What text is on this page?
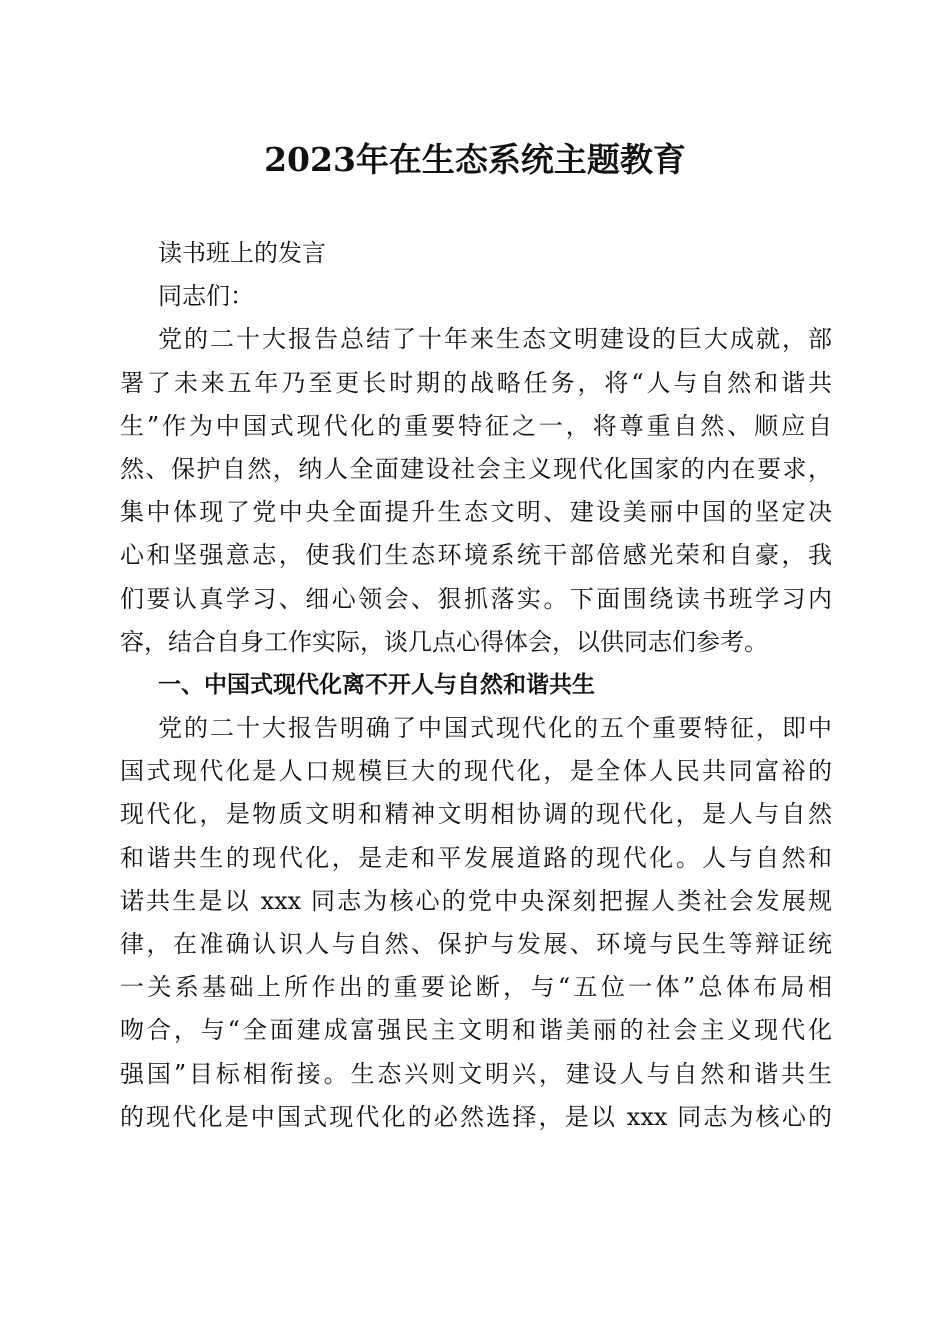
2023年在生态系统主题教育
读书班上的发言
同志们：
党的二十大报告总结了十年来生态文明建设的巨大成就，部
署了未来五年乃至更长时期的战略任务，将“人与自然和谐共
生”作为中国式现代化的重要特征之一，将尊重自然、顺应自
然、保护自然，纳人全面建设社会主义现代化国家的内在要求，
集中体现了党中央全面提升生态文明、建设美丽中国的坚定决
心和坚强意志，使我们生态环境系统干部倍感光荣和自豪，我
们要认真学习、细心领会、狠抓落实。下面围绕读书班学习内
容，结合自身工作实际，谈几点心得体会，以供同志们参考。
一、中国式现代化离不开人与自然和谐共生
党的二十大报告明确了中国式现代化的五个重要特征，即中
国式现代化是人口规模巨大的现代化，是全体人民共同富裕的
现代化，是物质文明和精神文明相协调的现代化，是人与自然
和谐共生的现代化，是走和平发展道路的现代化。人与自然和
诺共生是以 xxx 同志为核心的党中央深刻把握人类社会发展规
律，在准确认识人与自然、保护与发展、环境与民生等辩证统
一关系基础上所作出的重要论断，与“五位一体”总体布局相
吻合，与“全面建成富强民主文明和谐美丽的社会主义现代化
强国”目标相衔接。生态兴则文明兴，建设人与自然和谐共生
的现代化是中国式现代化的必然选择，是以 xxx 同志为核心的
